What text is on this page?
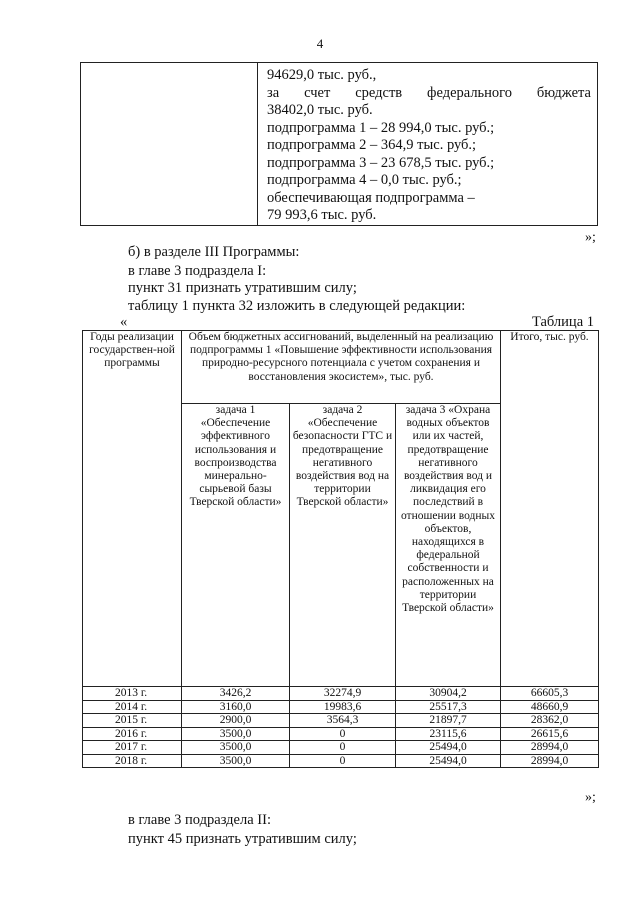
4
94629,0 тыс. руб.,
за счет средств федерального бюджета
38402,0 тыс. руб.
подпрограмма 1 – 28 994,0 тыс. руб.;
подпрограмма 2 – 364,9 тыс. руб.;
подпрограмма 3 – 23 678,5 тыс. руб.;
подпрограмма 4 – 0,0 тыс. руб.;
обеспечивающая подпрограмма –
79 993,6 тыс. руб.
»;
б) в разделе III Программы:
в главе 3 подраздела I:
пункт 31 признать утратившим силу;
таблицу 1 пункта 32 изложить в следующей редакции:
«	Таблица 1
Годы реализации государствен-ной программы	Объем бюджетных ассигнований, выделенный на реализацию подпрограммы 1 «Повышение эффективности использования природно-ресурсного потенциала с учетом сохранения и восстановления экосистем», тыс. руб.			Итого, тыс. руб.
	задача 1 «Обеспечение эффективного использования и воспроизводства минерально-сырьевой базы Тверской области»	задача 2 «Обеспечение безопасности ГТС и предотвращение негативного воздействия вод на территории Тверской области»	задача 3 «Охрана водных объектов или их частей, предотвращение негативного воздействия вод и ликвидация его последствий в отношении водных объектов, находящихся в федеральной собственности и расположенных на территории Тверской области»	
2013 г.	3426,2	32274,9	30904,2	66605,3
2014 г.	3160,0	19983,6	25517,3	48660,9
2015 г.	2900,0	3564,3	21897,7	28362,0
2016 г.	3500,0	0	23115,6	26615,6
2017 г.	3500,0	0	25494,0	28994,0
2018 г.	3500,0	0	25494,0	28994,0
»;
в главе 3 подраздела II:
пункт 45 признать утратившим силу;
